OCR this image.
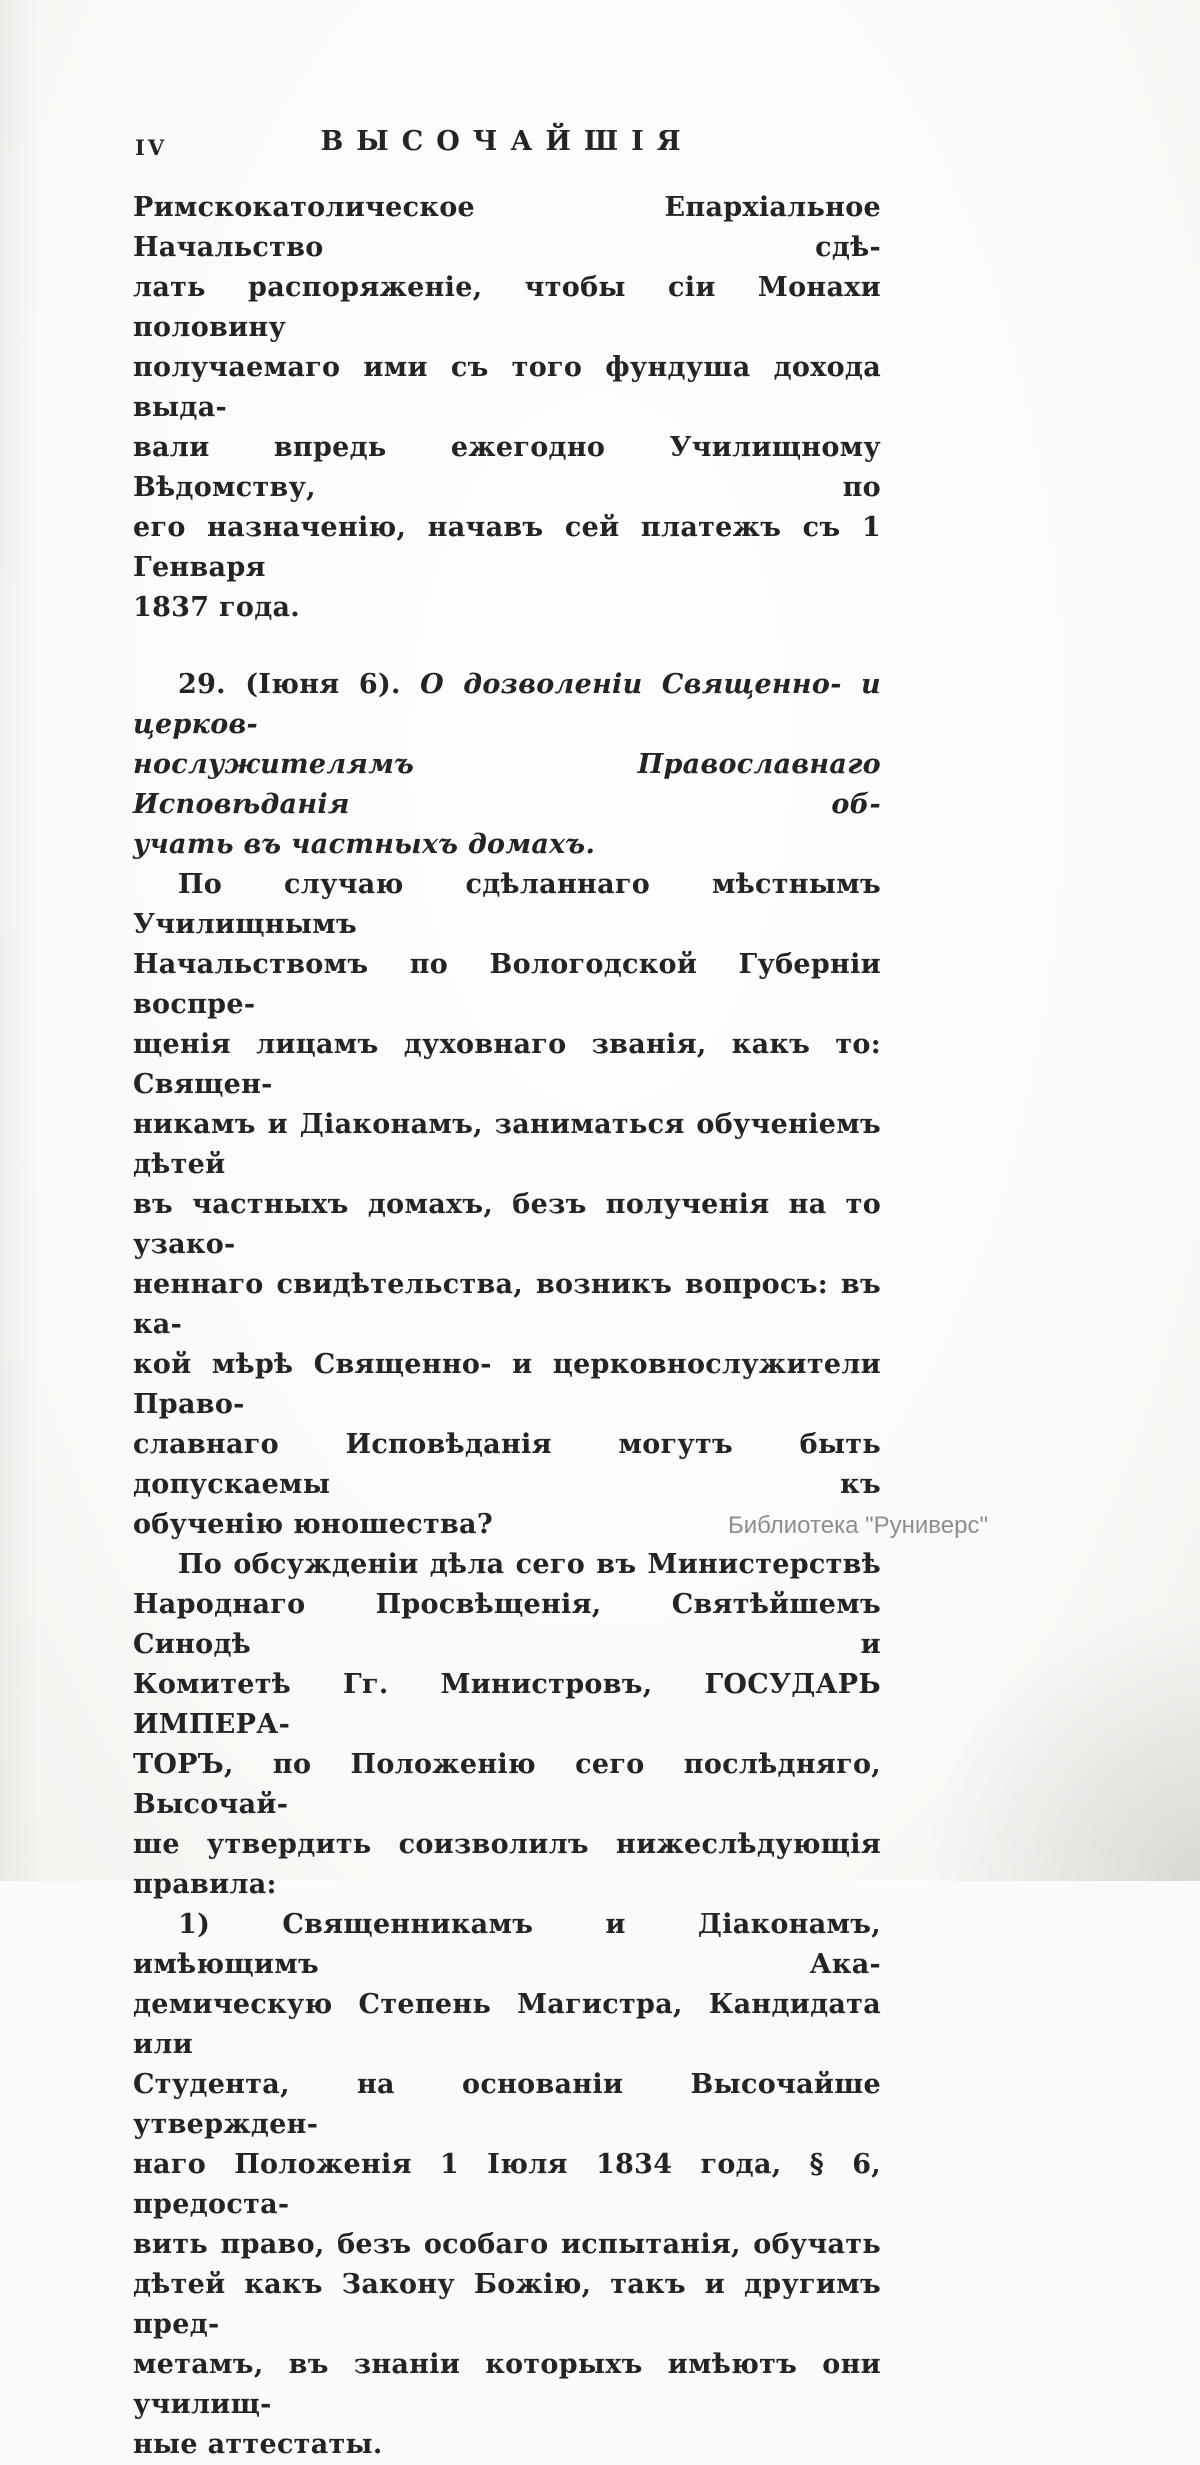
IV	ВЫСОЧАЙШІЯ
Римскокатолическое Епархіальное Начальство сдѣ-
лать распоряженіе, чтобы сіи Монахи половину
получаемаго ими съ того фундуша дохода выда-
вали впредь ежегодно Училищному Вѣдомству, по
его назначенію, начавъ сей платежъ съ 1 Генваря
1837 года.
29. (Іюня 6). О дозволеніи Священно- и церков-
нослужителямъ Православнаго Исповѣданія об-
учать въ частныхъ домахъ.
По случаю сдѣланнаго мѣстнымъ Училищнымъ
Начальствомъ по Вологодской Губерніи воспре-
щенія лицамъ духовнаго званія, какъ то: Священ-
никамъ и Діаконамъ, заниматься обученіемъ дѣтей
въ частныхъ домахъ, безъ полученія на то узако-
неннаго свидѣтельства, возникъ вопросъ: въ ка-
кой мѣрѣ Священно- и церковнослужители Право-
славнаго Исповѣданія могутъ быть допускаемы къ
обученію юношества?
По обсужденіи дѣла сего въ Министерствѣ
Народнаго Просвѣщенія, Святѣйшемъ Синодѣ и
Комитетѣ Гг. Министровъ, ГОСУДАРЬ ИМПЕРА-
ТОРЪ, по Положенію сего послѣдняго, Высочай-
ше утвердить соизволилъ нижеслѣдующія правила:
1) Священникамъ и Діаконамъ, имѣющимъ Ака-
демическую Степень Магистра, Кандидата или
Студента, на основаніи Высочайше утвержден-
наго Положенія 1 Іюля 1834 года, § 6, предоста-
вить право, безъ особаго испытанія, обучать
дѣтей какъ Закону Божію, такъ и другимъ пред-
метамъ, въ знаніи которыхъ имѣютъ они училищ-
ные аттестаты.
Библиотека "Руниверс"
